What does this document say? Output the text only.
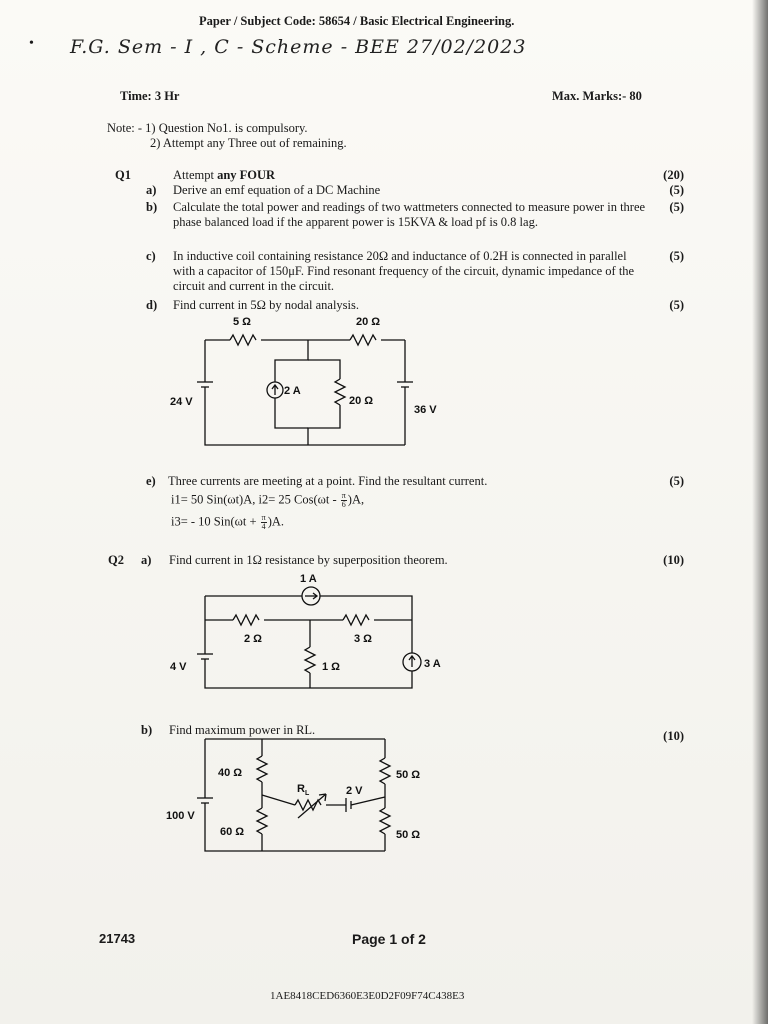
Paper / Subject Code: 58654 / Basic Electrical Engineering.
F.G. Sem - I , C - Scheme - BEE 27/02/2023
•
Time: 3 Hr	Max. Marks:- 80
Note: - 1) Question No1. is compulsory.
2) Attempt any Three out of remaining.
Q1	Attempt any FOUR	(20)
a) Derive an emf equation of a DC Machine	(5)
b) Calculate the total power and readings of two wattmeters connected to measure power in three phase balanced load if the apparent power is 15KVA & load pf is 0.8 lag.
(5)
c) In inductive coil containing resistance 20Ω and inductance of 0.2H is connected in parallel with a capacitor of 150μF. Find resonant frequency of the circuit, dynamic impedance of the circuit and current in the circuit.
(5)
d) Find current in 5Ω by nodal analysis.	(5)
5 Ω	20 Ω
2 A
20 Ω
24 V
36 V
e) Three currents are meeting at a point. Find the resultant current.	(5)
i1= 50 Sin(ωt)A, i2= 25 $Cos(\omega t - \frac{\pi}{6} )A$,
i3= - 10 $Sin(\omega t + \frac{\pi}{4} )A$.
Q2 a) Find current in 1Ω resistance by superposition theorem.	(10)
1 A
2 Ω	3 Ω
1 Ω
4 V	3 A
b) Find maximum power in RL.	(10)
40 Ω
60 Ω
50 Ω
50 Ω
$R_L$	2 V
100 V
21743	Page 1 of 2
1AE8418CED6360E3E0D2F09F74C438E3
